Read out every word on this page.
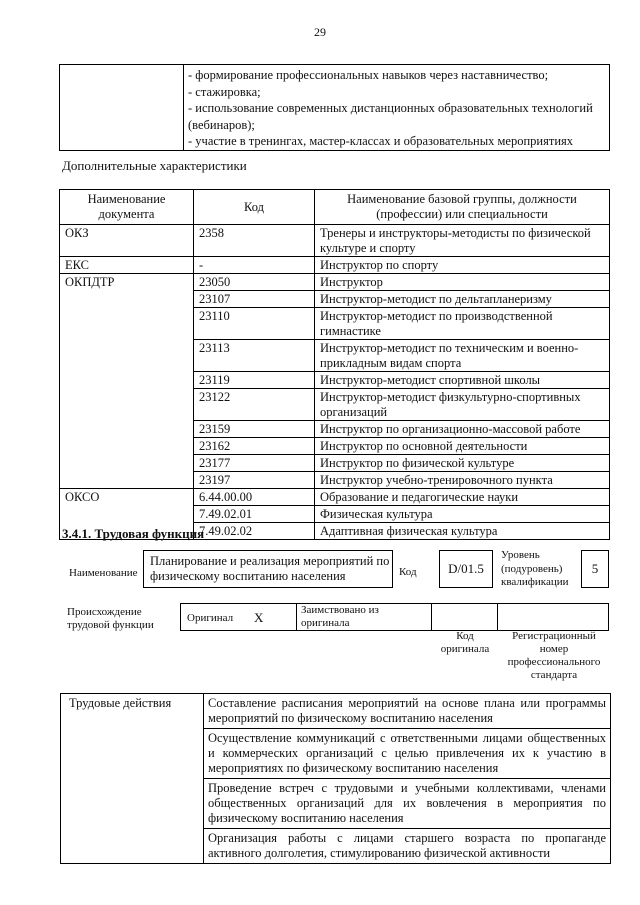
29

- формирование профессиональных навыков через наставничество;
- стажировка;
- использование современных дистанционных образовательных технологий (вебинаров);
- участие в тренингах, мастер-классах и образовательных мероприятиях
Дополнительные характеристики
Наименование документа	Код	Наименование базовой группы, должности (профессии) или специальности
ОКЗ	2358	Тренеры и инструкторы-методисты по физической культуре и спорту
ЕКС	-	Инструктор по спорту
ОКПДТР	23050	Инструктор
	23107	Инструктор-методист по дельтапланеризму
	23110	Инструктор-методист по производственной гимнастике
	23113	Инструктор-методист по техническим и военно-прикладным видам спорта
	23119	Инструктор-методист спортивной школы
	23122	Инструктор-методист физкультурно-спортивных организаций
	23159	Инструктор по организационно-массовой работе
	23162	Инструктор по основной деятельности
	23177	Инструктор по физической культуре
	23197	Инструктор учебно-тренировочного пункта
ОКСО	6.44.00.00	Образование и педагогические науки
	7.49.02.01	Физическая культура
	7.49.02.02	Адаптивная физическая культура
3.4.1. Трудовая функция
Наименование
Планирование и реализация мероприятий по физическому воспитанию населения	Код	D/01.5
Уровень (подуровень) квалификации
5
Происхождение трудовой функции
Оригинал X	Заимствовано из оригинала
Код оригинала
Регистрационный номер профессионального стандарта
Трудовые действия	Составление расписания мероприятий на основе плана или программы мероприятий по физическому воспитанию населения
Осуществление коммуникаций с ответственными лицами общественных и коммерческих организаций с целью привлечения их к участию в мероприятиях по физическому воспитанию населения
Проведение встреч с трудовыми и учебными коллективами, членами общественных организаций для их вовлечения в мероприятия по физическому воспитанию населения
Организация работы с лицами старшего возраста по пропаганде активного долголетия, стимулированию физической активности
